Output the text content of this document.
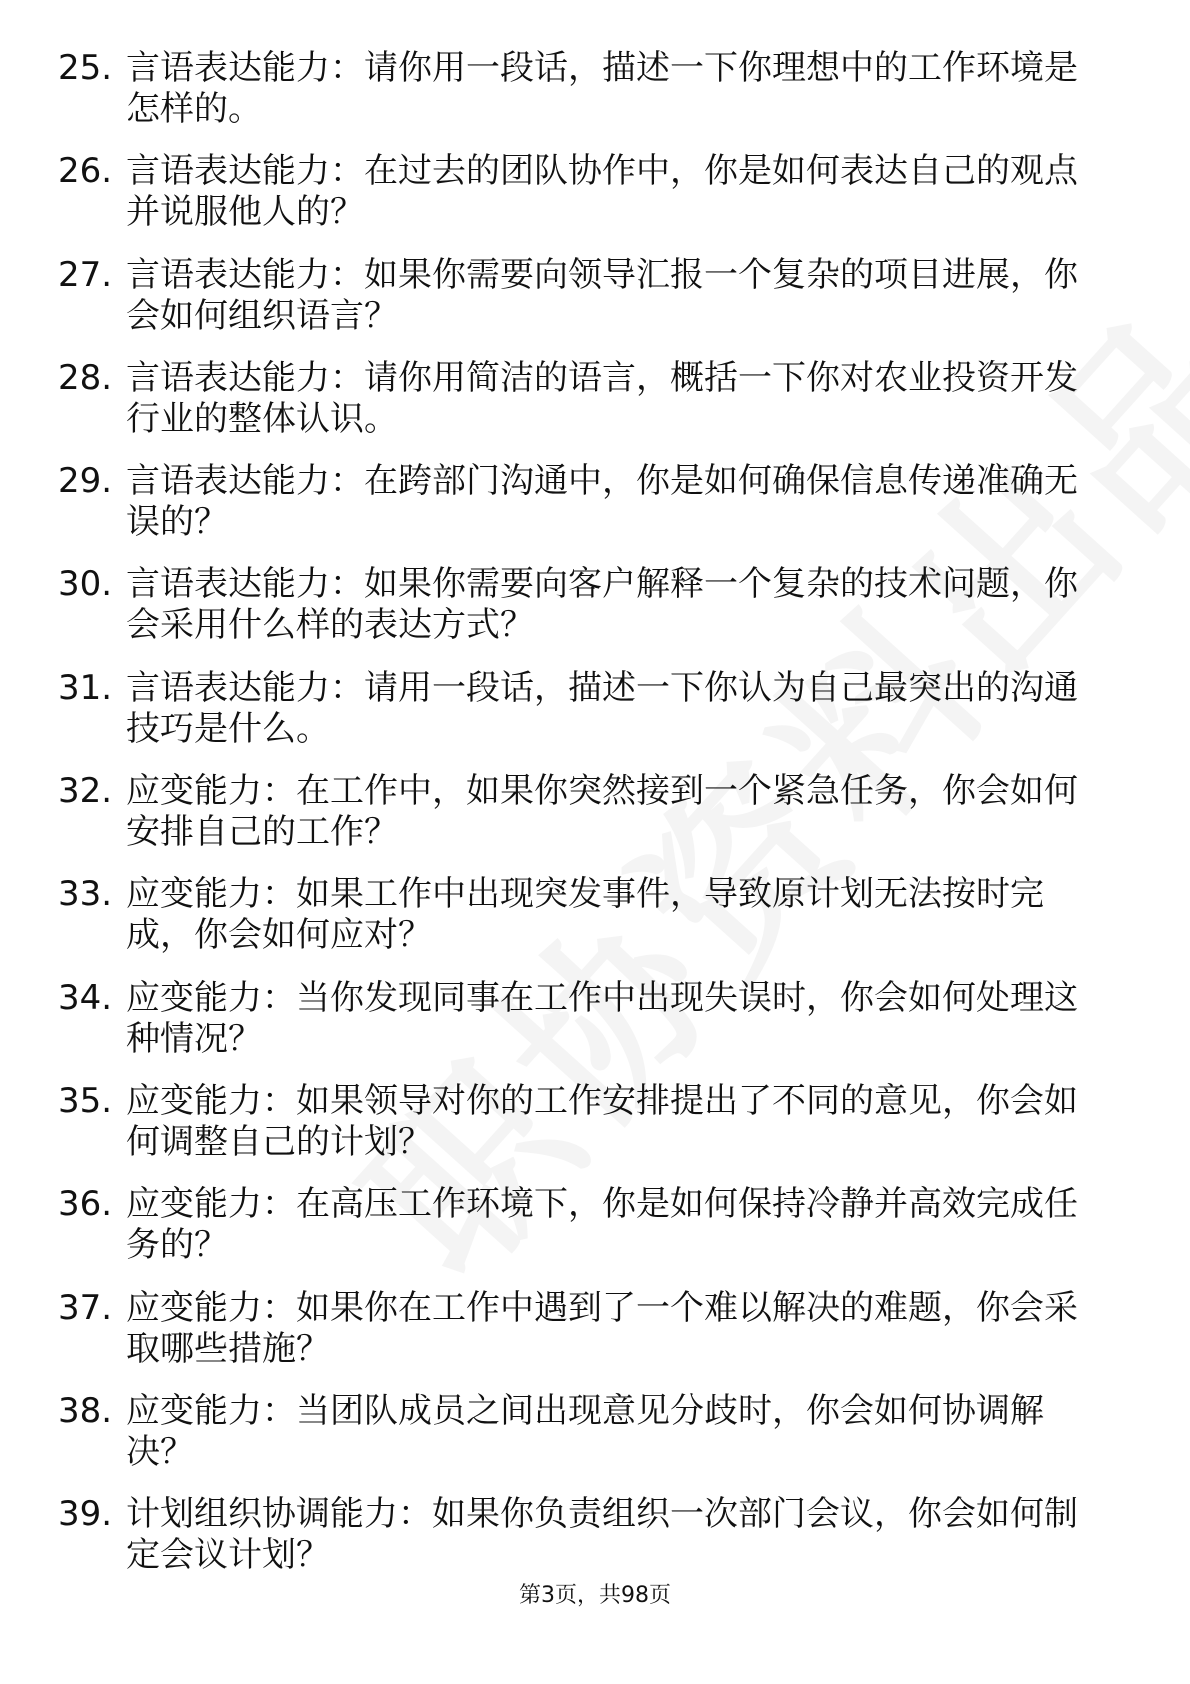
25. 言语表达能力：请你用一段话，描述一下你理想中的工作环境是怎样的。
26. 言语表达能力：在过去的团队协作中，你是如何表达自己的观点并说服他人的？
27. 言语表达能力：如果你需要向领导汇报一个复杂的项目进展，你会如何组织语言？
28. 言语表达能力：请你用简洁的语言，概括一下你对农业投资开发行业的整体认识。
29. 言语表达能力：在跨部门沟通中，你是如何确保信息传递准确无误的？
30. 言语表达能力：如果你需要向客户解释一个复杂的技术问题，你会采用什么样的表达方式？
31. 言语表达能力：请用一段话，描述一下你认为自己最突出的沟通技巧是什么。
32. 应变能力：在工作中，如果你突然接到一个紧急任务，你会如何安排自己的工作？
33. 应变能力：如果工作中出现突发事件，导致原计划无法按时完成，你会如何应对？
34. 应变能力：当你发现同事在工作中出现失误时，你会如何处理这种情况？
35. 应变能力：如果领导对你的工作安排提出了不同的意见，你会如何调整自己的计划？
36. 应变能力：在高压工作环境下，你是如何保持冷静并高效完成任务的？
37. 应变能力：如果你在工作中遇到了一个难以解决的难题，你会采取哪些措施？
38. 应变能力：当团队成员之间出现意见分歧时，你会如何协调解决？
39. 计划组织协调能力：如果你负责组织一次部门会议，你会如何制定会议计划？
第3页，共98页
